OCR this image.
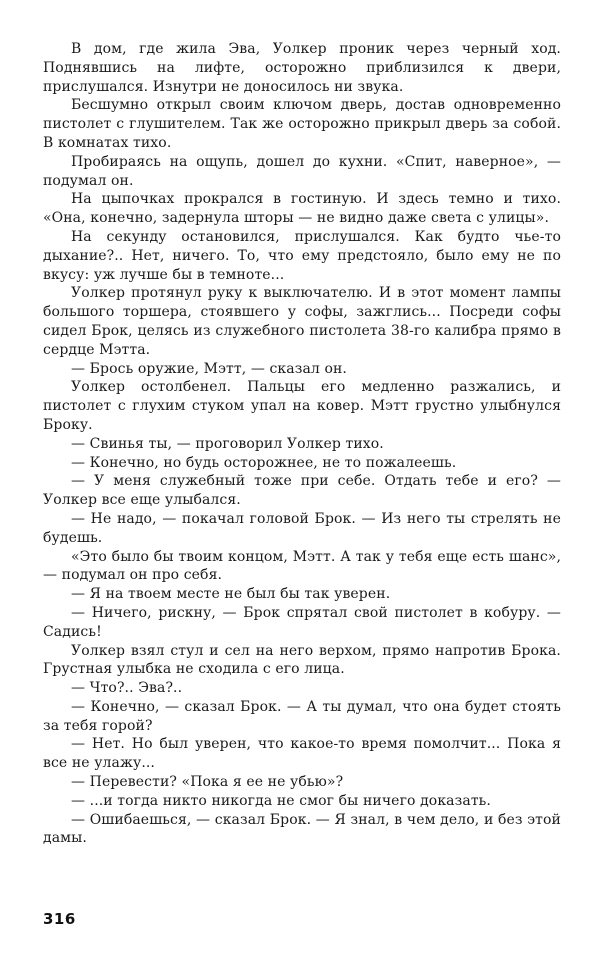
В дом, где жила Эва, Уолкер проник через черный ход. Поднявшись на лифте, осторожно приблизился к двери, прислушался. Изнутри не доносилось ни звука.

Бесшумно открыл своим ключом дверь, достав одновременно пистолет с глушителем. Так же осторожно прикрыл дверь за собой. В комнатах тихо.

Пробираясь на ощупь, дошел до кухни. «Спит, наверное», — подумал он.

На цыпочках прокрался в гостиную. И здесь темно и тихо. «Она, конечно, задернула шторы — не видно даже света с улицы».

На секунду остановился, прислушался. Как будто чье-то дыхание?.. Нет, ничего. То, что ему предстояло, было ему не по вкусу: уж лучше бы в темноте...

Уолкер протянул руку к выключателю. И в этот момент лампы большого торшера, стоявшего у софы, зажглись... Посреди софы сидел Брок, целясь из служебного пистолета 38-го калибра прямо в сердце Мэтта.

— Брось оружие, Мэтт, — сказал он.

Уолкер остолбенел. Пальцы его медленно разжались, и пистолет с глухим стуком упал на ковер. Мэтт грустно улыбнулся Броку.

— Свинья ты, — проговорил Уолкер тихо.

— Конечно, но будь осторожнее, не то пожалеешь.

— У меня служебный тоже при себе. Отдать тебе и его? — Уолкер все еще улыбался.

— Не надо, — покачал головой Брок. — Из него ты стрелять не будешь.

«Это было бы твоим концом, Мэтт. А так у тебя еще есть шанс», — подумал он про себя.

— Я на твоем месте не был бы так уверен.

— Ничего, рискну, — Брок спрятал свой пистолет в кобуру. — Садись!

Уолкер взял стул и сел на него верхом, прямо напротив Брока. Грустная улыбка не сходила с его лица.

— Что?.. Эва?..

— Конечно, — сказал Брок. — А ты думал, что она будет стоять за тебя горой?

— Нет. Но был уверен, что какое-то время помолчит... Пока я все не улажу...

— Перевести? «Пока я ее не убью»?

— ...и тогда никто никогда не смог бы ничего доказать.

— Ошибаешься, — сказал Брок. — Я знал, в чем дело, и без этой дамы.

316
